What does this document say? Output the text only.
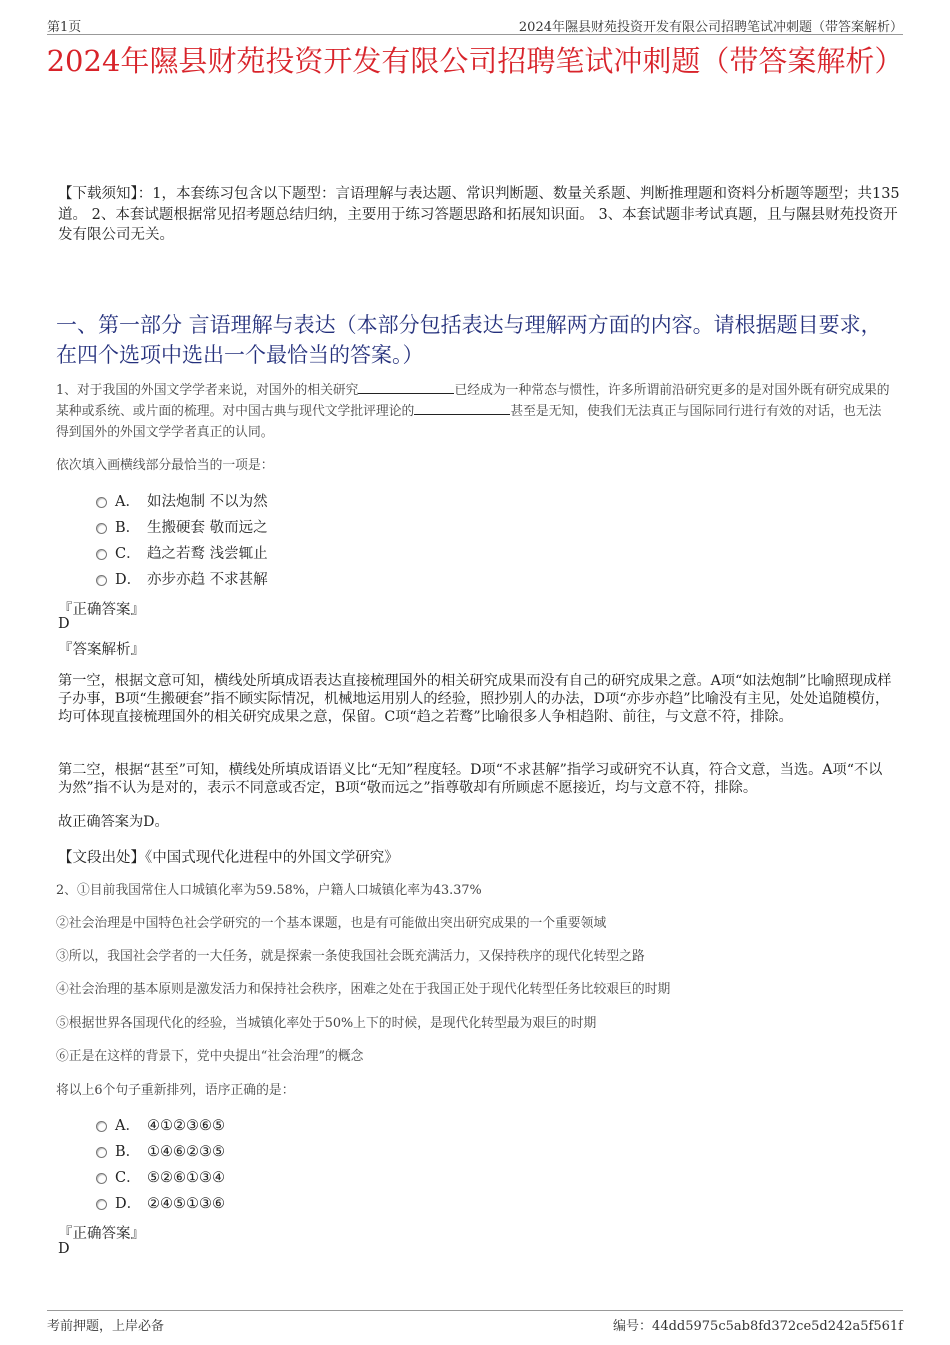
第1页	2024年隰县财苑投资开发有限公司招聘笔试冲刺题（带答案解析）
2024年隰县财苑投资开发有限公司招聘笔试冲刺题（带答案解析）
【下载须知】：1，本套练习包含以下题型：言语理解与表达题、常识判断题、数量关系题、判断推理题和资料分析题等题型；共135道。 2、本套试题根据常见招考题总结归纳，主要用于练习答题思路和拓展知识面。 3、本套试题非考试真题，且与隰县财苑投资开发有限公司无关。
一、第一部分 言语理解与表达（本部分包括表达与理解两方面的内容。请根据题目要求，在四个选项中选出一个最恰当的答案。）
1、对于我国的外国文学学者来说，对国外的相关研究	已经成为一种常态与惯性，许多所谓前沿研究更多的是对国外既有研究成果的某种或系统、或片面的梳理。对中国古典与现代文学批评理论的	甚至是无知，使我们无法真正与国际同行进行有效的对话，也无法得到国外的外国文学学者真正的认同。
依次填入画横线部分最恰当的一项是：
A． 如法炮制 不以为然
B． 生搬硬套 敬而远之
C． 趋之若鹜 浅尝辄止
D． 亦步亦趋 不求甚解
『正确答案』
D
『答案解析』
第一空，根据文意可知，横线处所填成语表达直接梳理国外的相关研究成果而没有自己的研究成果之意。A项“如法炮制”比喻照现成样子办事，B项“生搬硬套”指不顾实际情况，机械地运用别人的经验，照抄别人的办法，D项“亦步亦趋”比喻没有主见，处处追随模仿，均可体现直接梳理国外的相关研究成果之意，保留。C项“趋之若鹜”比喻很多人争相趋附、前往，与文意不符，排除。
第二空，根据“甚至”可知，横线处所填成语语义比“无知”程度轻。D项“不求甚解”指学习或研究不认真，符合文意，当选。A项“不以为然”指不认为是对的，表示不同意或否定，B项“敬而远之”指尊敬却有所顾虑不愿接近，均与文意不符，排除。
故正确答案为D。
【文段出处】《中国式现代化进程中的外国文学研究》
2、①目前我国常住人口城镇化率为59.58%，户籍人口城镇化率为43.37%
②社会治理是中国特色社会学研究的一个基本课题，也是有可能做出突出研究成果的一个重要领域
③所以，我国社会学者的一大任务，就是探索一条使我国社会既充满活力，又保持秩序的现代化转型之路
④社会治理的基本原则是激发活力和保持社会秩序，困难之处在于我国正处于现代化转型任务比较艰巨的时期
⑤根据世界各国现代化的经验，当城镇化率处于50%上下的时候，是现代化转型最为艰巨的时期
⑥正是在这样的背景下，党中央提出“社会治理”的概念
将以上6个句子重新排列，语序正确的是：
A． ④①②③⑥⑤
B． ①④⑥②③⑤
C． ⑤②⑥①③④
D． ②④⑤①③⑥
『正确答案』
D
考前押题，上岸必备	编号：44dd5975c5ab8fd372ce5d242a5f561f
